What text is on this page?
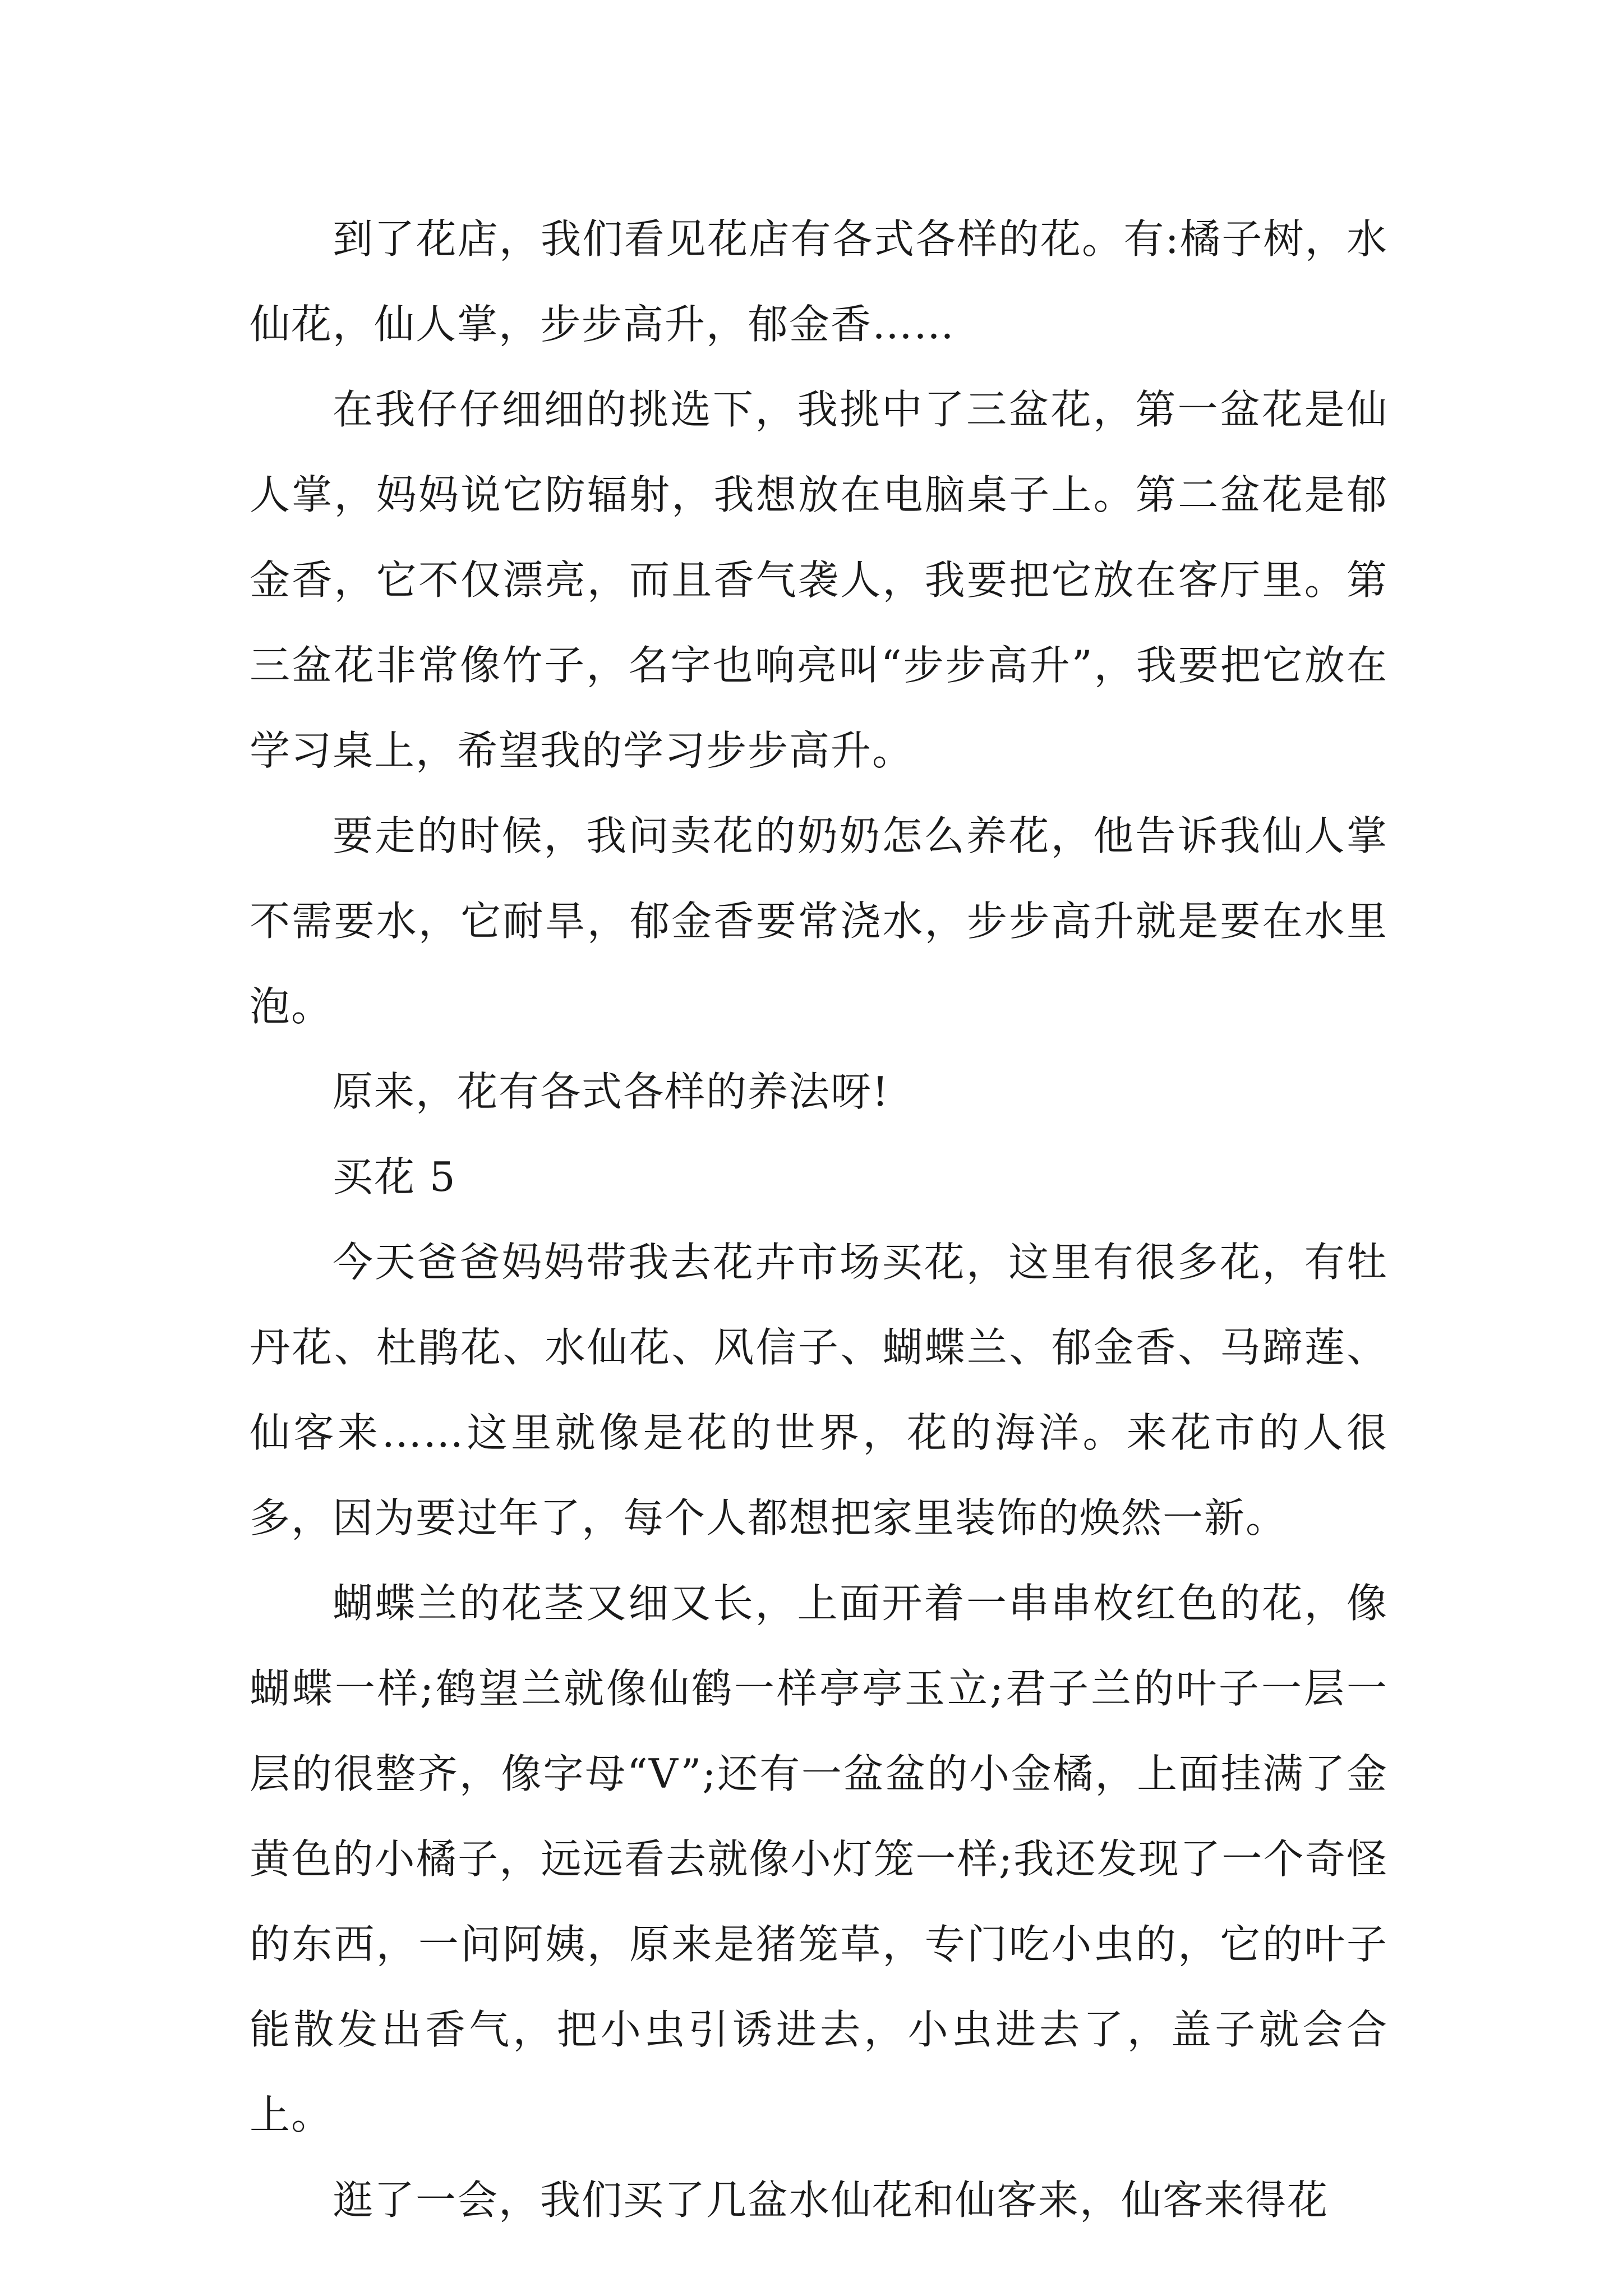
到了花店，我们看见花店有各式各样的花。有:橘子树，水仙花，仙人掌，步步高升，郁金香……

在我仔仔细细的挑选下，我挑中了三盆花，第一盆花是仙人掌，妈妈说它防辐射，我想放在电脑桌子上。第二盆花是郁金香，它不仅漂亮，而且香气袭人，我要把它放在客厅里。第三盆花非常像竹子，名字也响亮叫“步步高升”，我要把它放在学习桌上，希望我的学习步步高升。

要走的时候，我问卖花的奶奶怎么养花，他告诉我仙人掌不需要水，它耐旱，郁金香要常浇水，步步高升就是要在水里泡。

原来，花有各式各样的养法呀!

买花 5

今天爸爸妈妈带我去花卉市场买花，这里有很多花，有牡丹花、杜鹃花、水仙花、风信子、蝴蝶兰、郁金香、马蹄莲、仙客来……这里就像是花的世界，花的海洋。来花市的人很多，因为要过年了，每个人都想把家里装饰的焕然一新。

蝴蝶兰的花茎又细又长，上面开着一串串枚红色的花，像蝴蝶一样;鹤望兰就像仙鹤一样亭亭玉立;君子兰的叶子一层一层的很整齐，像字母“V”;还有一盆盆的小金橘，上面挂满了金黄色的小橘子，远远看去就像小灯笼一样;我还发现了一个奇怪的东西，一问阿姨，原来是猪笼草，专门吃小虫的，它的叶子能散发出香气，把小虫引诱进去，小虫进去了，盖子就会合上。

逛了一会，我们买了几盆水仙花和仙客来，仙客来得花
